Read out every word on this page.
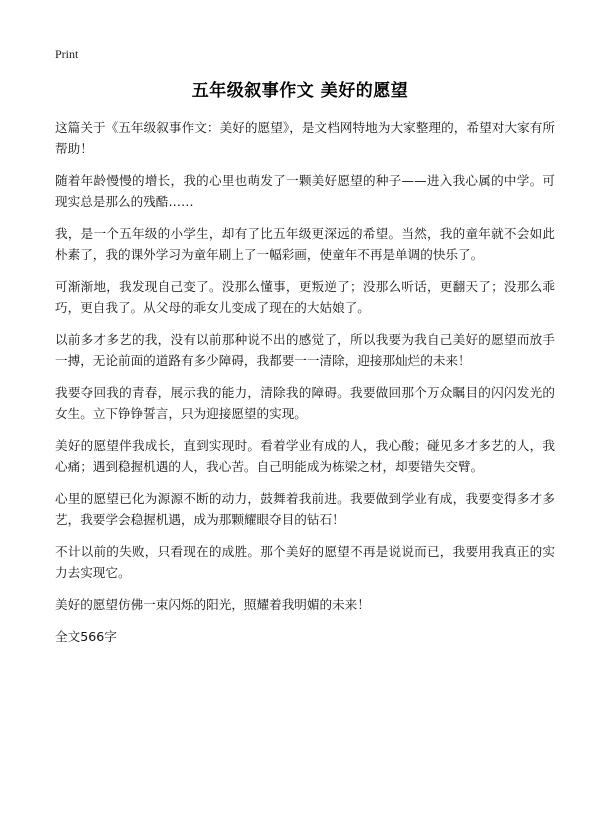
Print
五年级叙事作文 美好的愿望

这篇关于《五年级叙事作文：美好的愿望》，是文档网特地为大家整理的，希望对大家有所帮助！

随着年龄慢慢的增长，我的心里也萌发了一颗美好愿望的种子——进入我心属的中学。可现实总是那么的残酷……

我，是一个五年级的小学生，却有了比五年级更深远的希望。当然，我的童年就不会如此朴素了，我的课外学习为童年刷上了一幅彩画，使童年不再是单调的快乐了。

可渐渐地，我发现自己变了。没那么懂事，更叛逆了；没那么听话，更翻天了；没那么乖巧，更自我了。从父母的乖女儿变成了现在的大姑娘了。

以前多才多艺的我，没有以前那种说不出的感觉了，所以我要为我自己美好的愿望而放手一搏，无论前面的道路有多少障碍，我都要一一清除，迎接那灿烂的未来！

我要夺回我的青春，展示我的能力，清除我的障碍。我要做回那个万众瞩目的闪闪发光的女生。立下铮铮誓言，只为迎接愿望的实现。

美好的愿望伴我成长，直到实现时。看着学业有成的人，我心酸；碰见多才多艺的人，我心痛；遇到稳握机遇的人，我心苦。自己明能成为栋梁之材，却要错失交臂。

心里的愿望已化为源源不断的动力，鼓舞着我前进。我要做到学业有成，我要变得多才多艺，我要学会稳握机遇，成为那颗耀眼夺目的钻石！

不计以前的失败，只看现在的成胜。那个美好的愿望不再是说说而已，我要用我真正的实力去实现它。

美好的愿望仿佛一束闪烁的阳光，照耀着我明媚的未来！

全文566字
